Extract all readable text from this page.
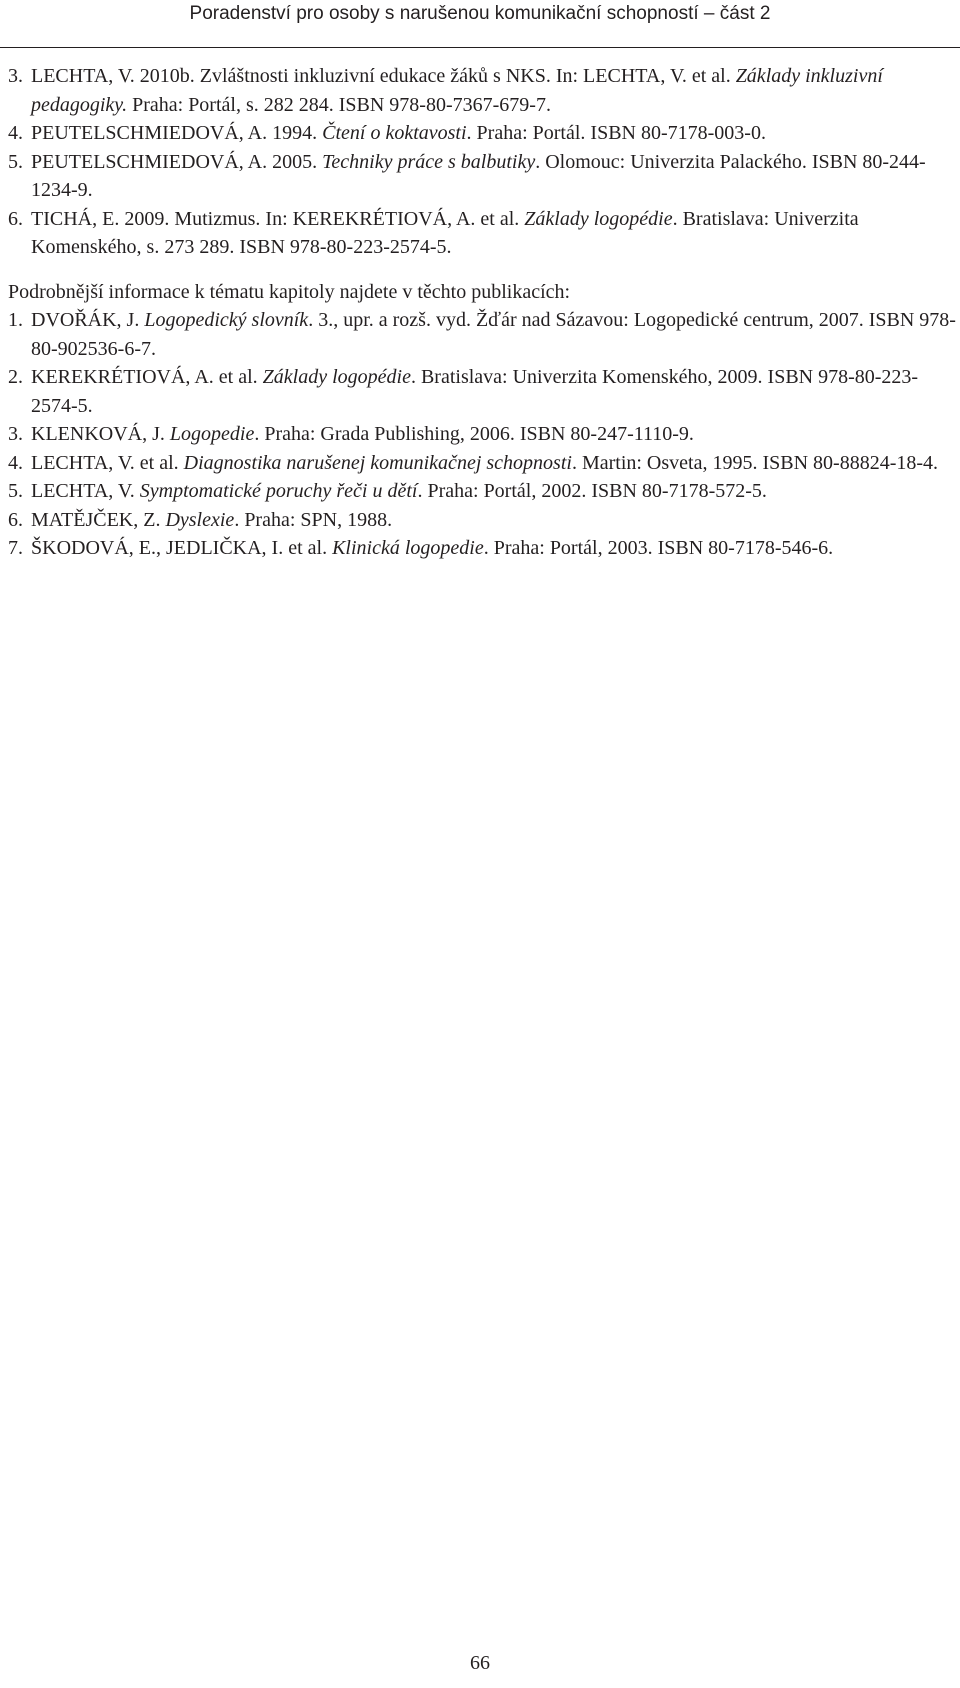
Poradenství pro osoby s narušenou komunikační schopností – část 2
3. LECHTA, V. 2010b. Zvláštnosti inkluzivní edukace žáků s NKS. In: LECHTA, V. et al. Základy inkluzivní pedagogiky. Praha: Portál, s. 282 284. ISBN 978-80-7367-679-7.
4. PEUTELSCHMIEDOVÁ, A. 1994. Čtení o koktavosti. Praha: Portál. ISBN 80-7178-003-0.
5. PEUTELSCHMIEDOVÁ, A. 2005. Techniky práce s balbutiky. Olomouc: Univerzita Palackého. ISBN 80-244-1234-9.
6. TICHÁ, E. 2009. Mutizmus. In: KEREKRÉTIOVÁ, A. et al. Základy logopédie. Bratislava: Univerzita Komenského, s. 273 289. ISBN 978-80-223-2574-5.
Podrobnější informace k tématu kapitoly najdete v těchto publikacích:
1. DVOŘÁK, J. Logopedický slovník. 3., upr. a rozš. vyd. Žďár nad Sázavou: Logopedické centrum, 2007. ISBN 978-80-902536-6-7.
2. KEREKRÉTIOVÁ, A. et al. Základy logopédie. Bratislava: Univerzita Komenského, 2009. ISBN 978-80-223-2574-5.
3. KLENKOVÁ, J. Logopedie. Praha: Grada Publishing, 2006. ISBN 80-247-1110-9.
4. LECHTA, V. et al. Diagnostika narušenej komunikačnej schopnosti. Martin: Osveta, 1995. ISBN 80-88824-18-4.
5. LECHTA, V. Symptomatické poruchy řeči u dětí. Praha: Portál, 2002. ISBN 80-7178-572-5.
6. MATĚJČEK, Z. Dyslexie. Praha: SPN, 1988.
7. ŠKODOVÁ, E., JEDLIČKA, I. et al. Klinická logopedie. Praha: Portál, 2003. ISBN 80-7178-546-6.
66
